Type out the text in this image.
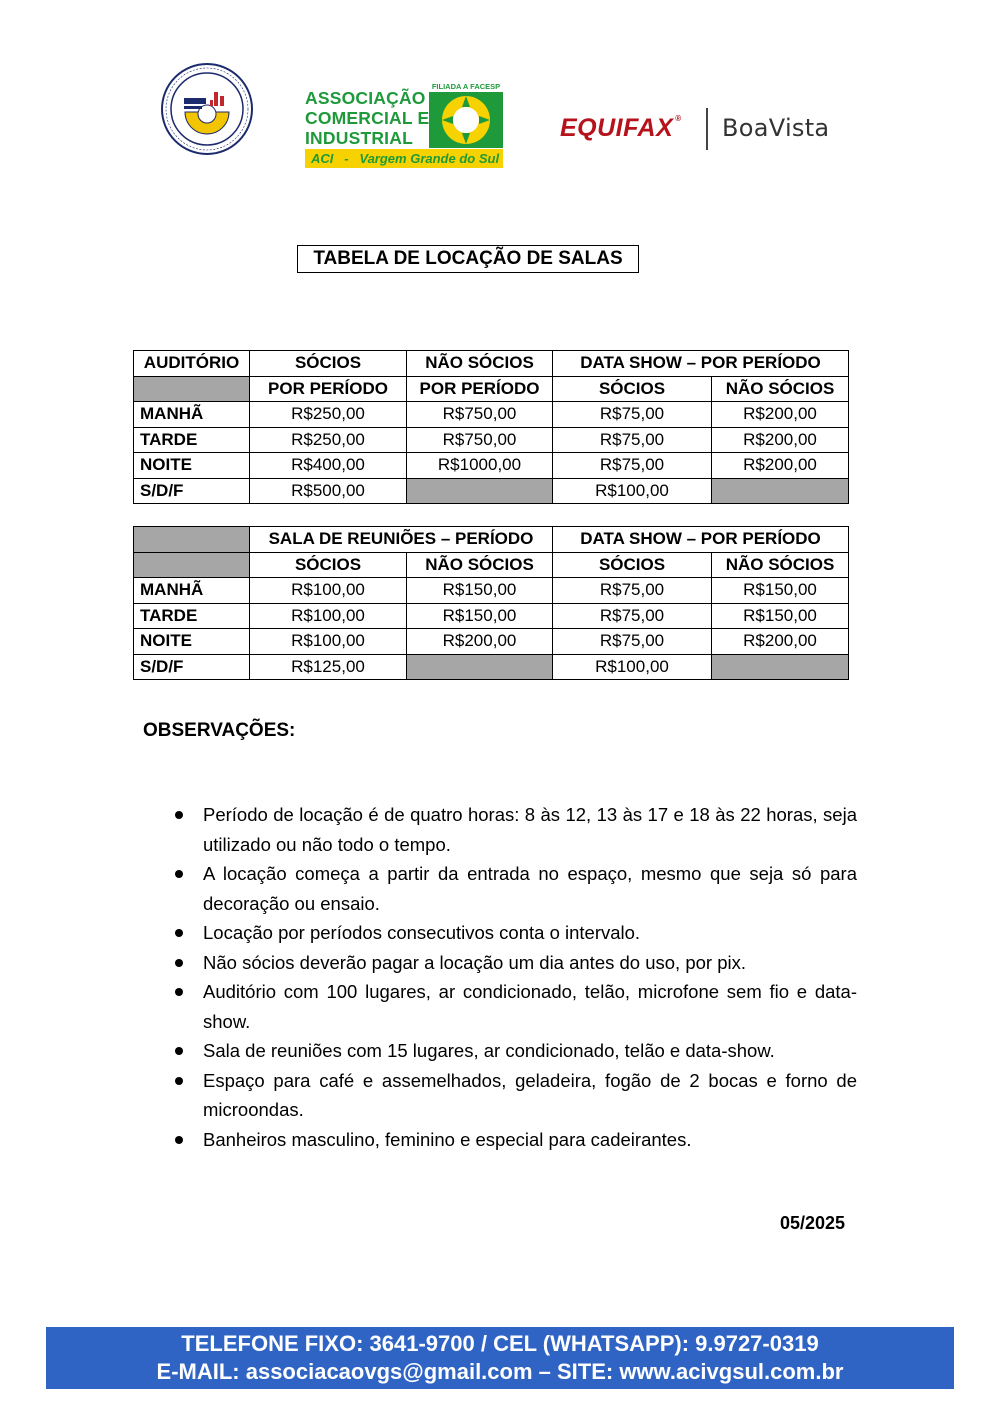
ASSOCIAÇÃO
COMERCIAL E
INDUSTRIAL
FILIADA A FACESP
ACI   -   Vargem Grande do Sul
EQUIFAX ® BoaVista
TABELA DE LOCAÇÃO DE SALAS
AUDITÓRIO	SÓCIOS	NÃO SÓCIOS	DATA SHOW – POR PERÍODO	
	POR PERÍODO	POR PERÍODO	SÓCIOS	NÃO SÓCIOS
MANHÃ	R$250,00	R$750,00	R$75,00	R$200,00
TARDE	R$250,00	R$750,00	R$75,00	R$200,00
NOITE	R$400,00	R$1000,00	R$75,00	R$200,00
S/D/F	R$500,00		R$100,00	
	SALA DE REUNIÕES – PERÍODO		DATA SHOW – POR PERÍODO	
	SÓCIOS	NÃO SÓCIOS	SÓCIOS	NÃO SÓCIOS
MANHÃ	R$100,00	R$150,00	R$75,00	R$150,00
TARDE	R$100,00	R$150,00	R$75,00	R$150,00
NOITE	R$100,00	R$200,00	R$75,00	R$200,00
S/D/F	R$125,00		R$100,00	
OBSERVAÇÕES:
Período de locação é de quatro horas: 8 às 12, 13 às 17 e 18 às 22 horas, seja utilizado ou não todo o tempo.
A locação começa a partir da entrada no espaço, mesmo que seja só para decoração ou ensaio.
Locação por períodos consecutivos conta o intervalo.
Não sócios deverão pagar a locação um dia antes do uso, por pix.
Auditório com 100 lugares, ar condicionado, telão, microfone sem fio e data-show.
Sala de reuniões com 15 lugares, ar condicionado, telão e data-show.
Espaço para café e assemelhados, geladeira, fogão de 2 bocas e forno de microondas.
Banheiros masculino, feminino e especial para cadeirantes.
05/2025
TELEFONE FIXO: 3641-9700 / CEL (WHATSAPP): 9.9727-0319
E-MAIL: associacaovgs@gmail.com – SITE: www.acivgsul.com.br
